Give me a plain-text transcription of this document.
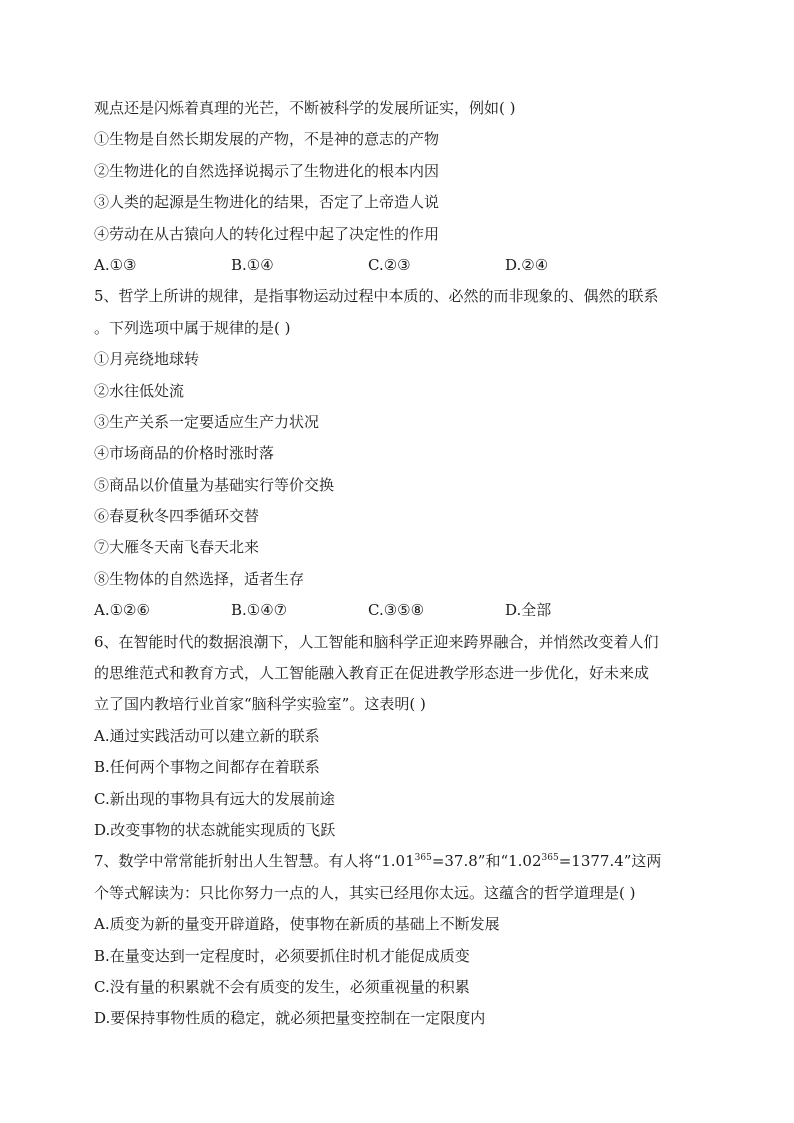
观点还是闪烁着真理的光芒，不断被科学的发展所证实，例如( )
①生物是自然长期发展的产物，不是神的意志的产物
②生物进化的自然选择说揭示了生物进化的根本内因
③人类的起源是生物进化的结果，否定了上帝造人说
④劳动在从古猿向人的转化过程中起了决定性的作用
A.①③	B.①④	C.②③	D.②④
5、哲学上所讲的规律，是指事物运动过程中本质的、必然的而非现象的、偶然的联系
。下列选项中属于规律的是( )
①月亮绕地球转
②水往低处流
③生产关系一定要适应生产力状况
④市场商品的价格时涨时落
⑤商品以价值量为基础实行等价交换
⑥春夏秋冬四季循环交替
⑦大雁冬天南飞春天北来
⑧生物体的自然选择，适者生存
A.①②⑥	B.①④⑦	C.③⑤⑧	D.全部
6、在智能时代的数据浪潮下，人工智能和脑科学正迎来跨界融合，并悄然改变着人们
的思维范式和教育方式，人工智能融入教育正在促进教学形态进一步优化，好未来成
立了国内教培行业首家“脑科学实验室”。这表明( )
A.通过实践活动可以建立新的联系
B.任何两个事物之间都存在着联系
C.新出现的事物具有远大的发展前途
D.改变事物的状态就能实现质的飞跃
7、数学中常常能折射出人生智慧。有人将“$1.01^{365}=37.8$”和“$1.02^{365}=1377.4$”这两
个等式解读为：只比你努力一点的人，其实已经甩你太远。这蕴含的哲学道理是( )
A.质变为新的量变开辟道路，使事物在新质的基础上不断发展
B.在量变达到一定程度时，必须要抓住时机才能促成质变
C.没有量的积累就不会有质变的发生，必须重视量的积累
D.要保持事物性质的稳定，就必须把量变控制在一定限度内
